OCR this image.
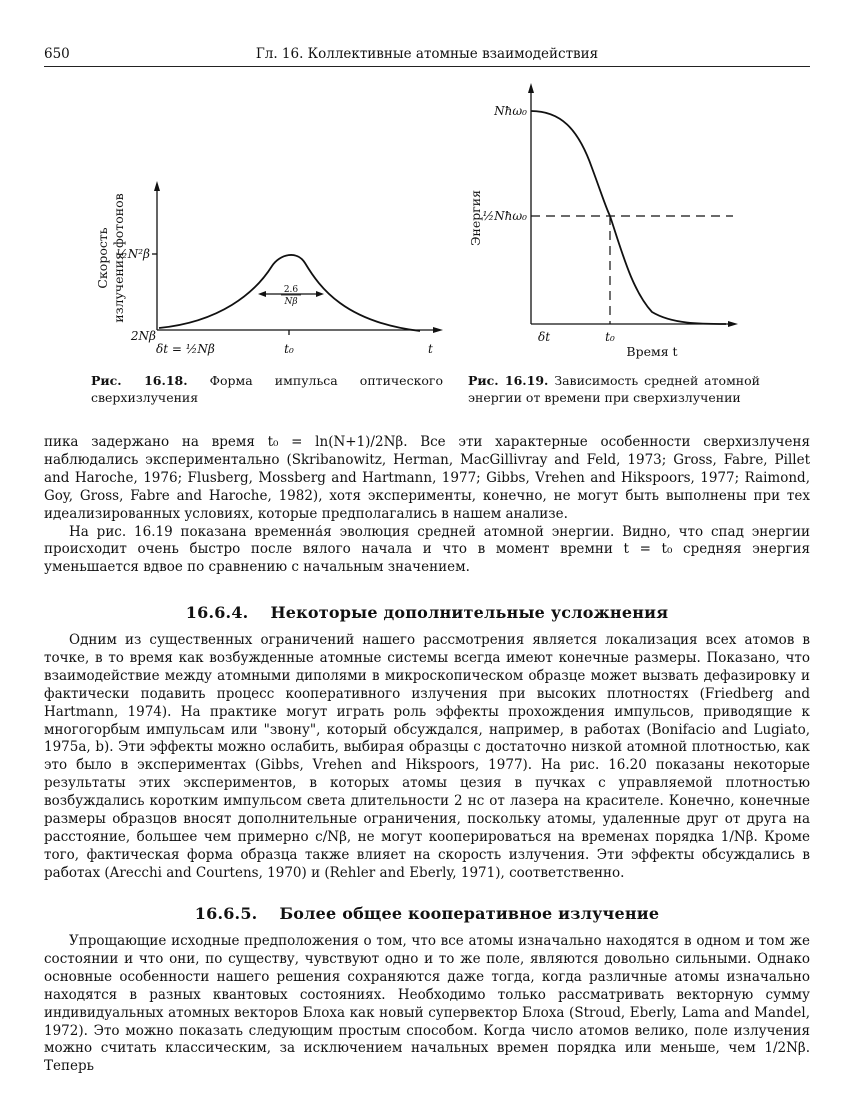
650	Гл. 16. Коллективные атомные взаимодействия
2.6
Nβ
Скорость излучения фотонов
½N²β
2Nβ
δt = ½Nβ	t₀	t
Энергия
Nħω₀
½Nħω₀
δt	t₀
Время t
Рис. 16.18. Форма импульса оптического сверхизлучения
Рис. 16.19. Зависимость средней атомной энергии от времени при сверхизлучении

пика задержано на время t₀ = ln(N+1)/2Nβ. Все эти характерные особенности сверхизлученя наблюдались экспериментально (Skribanowitz, Herman, MacGillivray and Feld, 1973; Gross, Fabre, Pillet and Haroche, 1976; Flusberg, Mossberg and Hartmann, 1977; Gibbs, Vrehen and Hikspoors, 1977; Raimond, Goy, Gross, Fabre and Haroche, 1982), хотя эксперименты, конечно, не могут быть выполнены при тех идеализированных условиях, которые предполагались в нашем анализе.

На рис. 16.19 показана временна́я эволюция средней атомной энергии. Видно, что спад энергии происходит очень быстро после вялого начала и что в момент времни t = t₀ средняя энергия уменьшается вдвое по сравнению с начальным значением.

16.6.4. Некоторые дополнительные усложнения

Одним из существенных ограничений нашего рассмотрения является локализация всех атомов в точке, в то время как возбужденные атомные системы всегда имеют конечные размеры. Показано, что взаимодействие между атомными диполями в микроскопическом образце может вызвать дефазировку и фактически подавить процесс кооперативного излучения при высоких плотностях (Friedberg and Hartmann, 1974). На практике могут играть роль эффекты прохождения импульсов, приводящие к многогорбым импульсам или "звону", который обсуждался, например, в работах (Bonifacio and Lugiato, 1975a, b). Эти эффекты можно ослабить, выбирая образцы с достаточно низкой атомной плотностью, как это было в экспериментах (Gibbs, Vrehen and Hikspoors, 1977). На рис. 16.20 показаны некоторые результаты этих экспериментов, в которых атомы цезия в пучках с управляемой плотностью возбуждались коротким импульсом света длительности 2 нс от лазера на красителе. Конечно, конечные размеры образцов вносят дополнительные ограничения, поскольку атомы, удаленные друг от друга на расстояние, большее чем примерно c/Nβ, не могут кооперироваться на временах порядка 1/Nβ. Кроме того, фактическая форма образца также влияет на скорость излучения. Эти эффекты обсуждались в работах (Arecchi and Courtens, 1970) и (Rehler and Eberly, 1971), соответственно.

16.6.5. Более общее кооперативное излучение

Упрощающие исходные предположения о том, что все атомы изначально находятся в одном и том же состоянии и что они, по существу, чувствуют одно и то же поле, являются довольно сильными. Однако основные особенности нашего решения сохраняются даже тогда, когда различные атомы изначально находятся в разных квантовых состояниях. Необходимо только рассматривать векторную сумму индивидуальных атомных векторов Блоха как новый супервектор Блоха (Stroud, Eberly, Lama and Mandel, 1972). Это можно показать следующим простым способом. Когда число атомов велико, поле излучения можно считать классическим, за исключением начальных времен порядка или меньше, чем 1/2Nβ. Теперь
